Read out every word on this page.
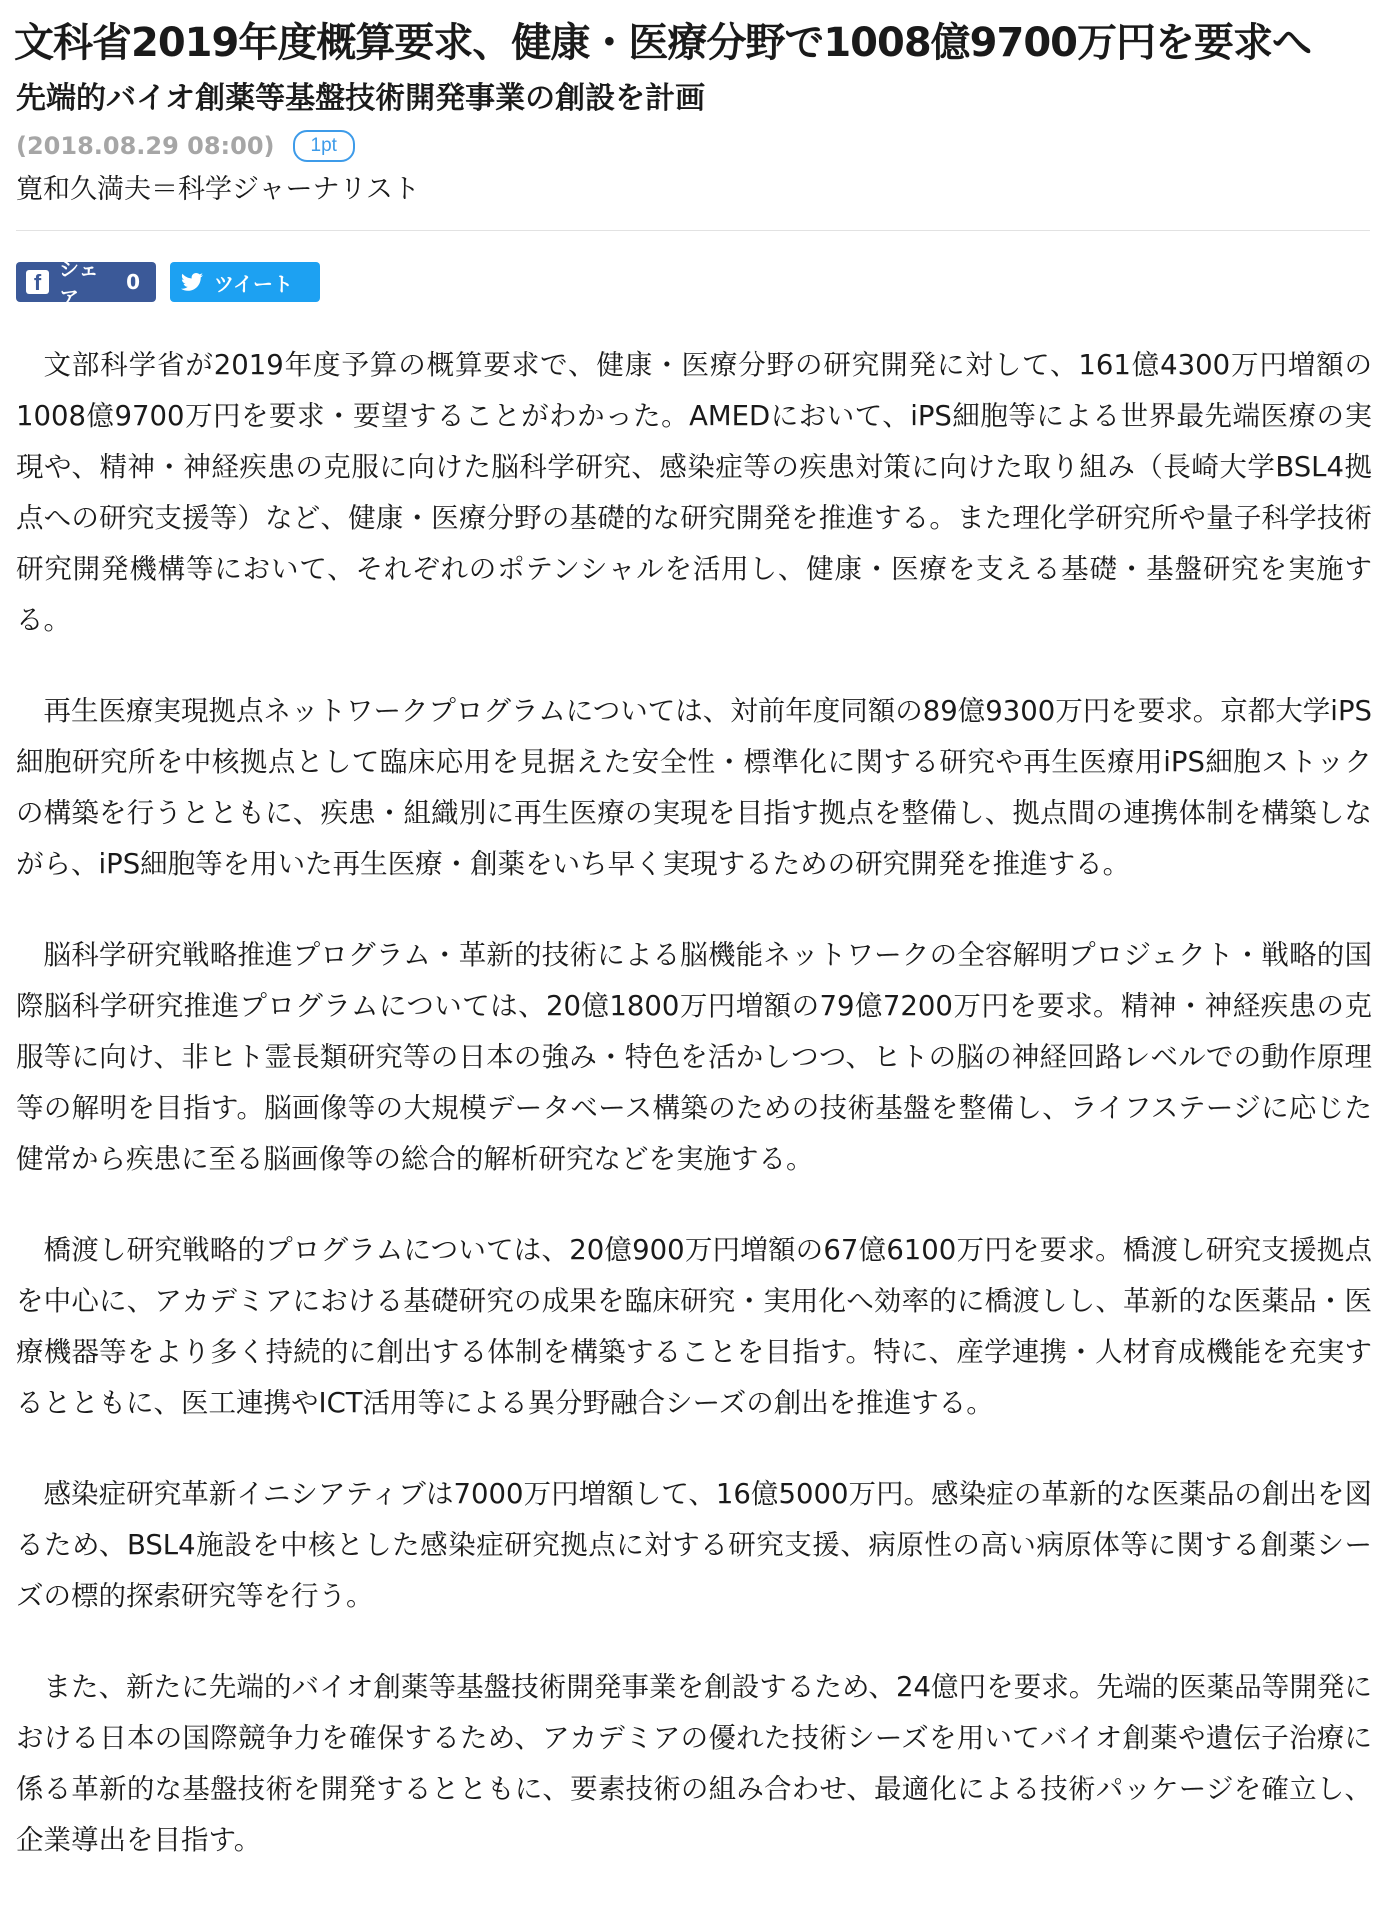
文科省2019年度概算要求、健康・医療分野で1008億9700万円を要求へ
先端的バイオ創薬等基盤技術開発事業の創設を計画
(2018.08.29 08:00)	1pt
寛和久満夫＝科学ジャーナリスト
f
シェア
0	ツイート

文部科学省が2019年度予算の概算要求で、健康・医療分野の研究開発に対して、161億4300万円増額の1008億9700万円を要求・要望することがわかった。AMEDにおいて、iPS細胞等による世界最先端医療の実現や、精神・神経疾患の克服に向けた脳科学研究、感染症等の疾患対策に向けた取り組み（長崎大学BSL4拠点への研究支援等）など、健康・医療分野の基礎的な研究開発を推進する。また理化学研究所や量子科学技術研究開発機構等において、それぞれのポテンシャルを活用し、健康・医療を支える基礎・基盤研究を実施する。

再生医療実現拠点ネットワークプログラムについては、対前年度同額の89億9300万円を要求。京都大学iPS細胞研究所を中核拠点として臨床応用を見据えた安全性・標準化に関する研究や再生医療用iPS細胞ストックの構築を行うとともに、疾患・組織別に再生医療の実現を目指す拠点を整備し、拠点間の連携体制を構築しながら、iPS細胞等を用いた再生医療・創薬をいち早く実現するための研究開発を推進する。

脳科学研究戦略推進プログラム・革新的技術による脳機能ネットワークの全容解明プロジェクト・戦略的国際脳科学研究推進プログラムについては、20億1800万円増額の79億7200万円を要求。精神・神経疾患の克服等に向け、非ヒト霊長類研究等の日本の強み・特色を活かしつつ、ヒトの脳の神経回路レベルでの動作原理等の解明を目指す。脳画像等の大規模データベース構築のための技術基盤を整備し、ライフステージに応じた健常から疾患に至る脳画像等の総合的解析研究などを実施する。

橋渡し研究戦略的プログラムについては、20億900万円増額の67億6100万円を要求。橋渡し研究支援拠点を中心に、アカデミアにおける基礎研究の成果を臨床研究・実用化へ効率的に橋渡しし、革新的な医薬品・医療機器等をより多く持続的に創出する体制を構築することを目指す。特に、産学連携・人材育成機能を充実するとともに、医工連携やICT活用等による異分野融合シーズの創出を推進する。

感染症研究革新イニシアティブは7000万円増額して、16億5000万円。感染症の革新的な医薬品の創出を図るため、BSL4施設を中核とした感染症研究拠点に対する研究支援、病原性の高い病原体等に関する創薬シーズの標的探索研究等を行う。

また、新たに先端的バイオ創薬等基盤技術開発事業を創設するため、24億円を要求。先端的医薬品等開発における日本の国際競争力を確保するため、アカデミアの優れた技術シーズを用いてバイオ創薬や遺伝子治療に係る革新的な基盤技術を開発するとともに、要素技術の組み合わせ、最適化による技術パッケージを確立し、企業導出を目指す。
